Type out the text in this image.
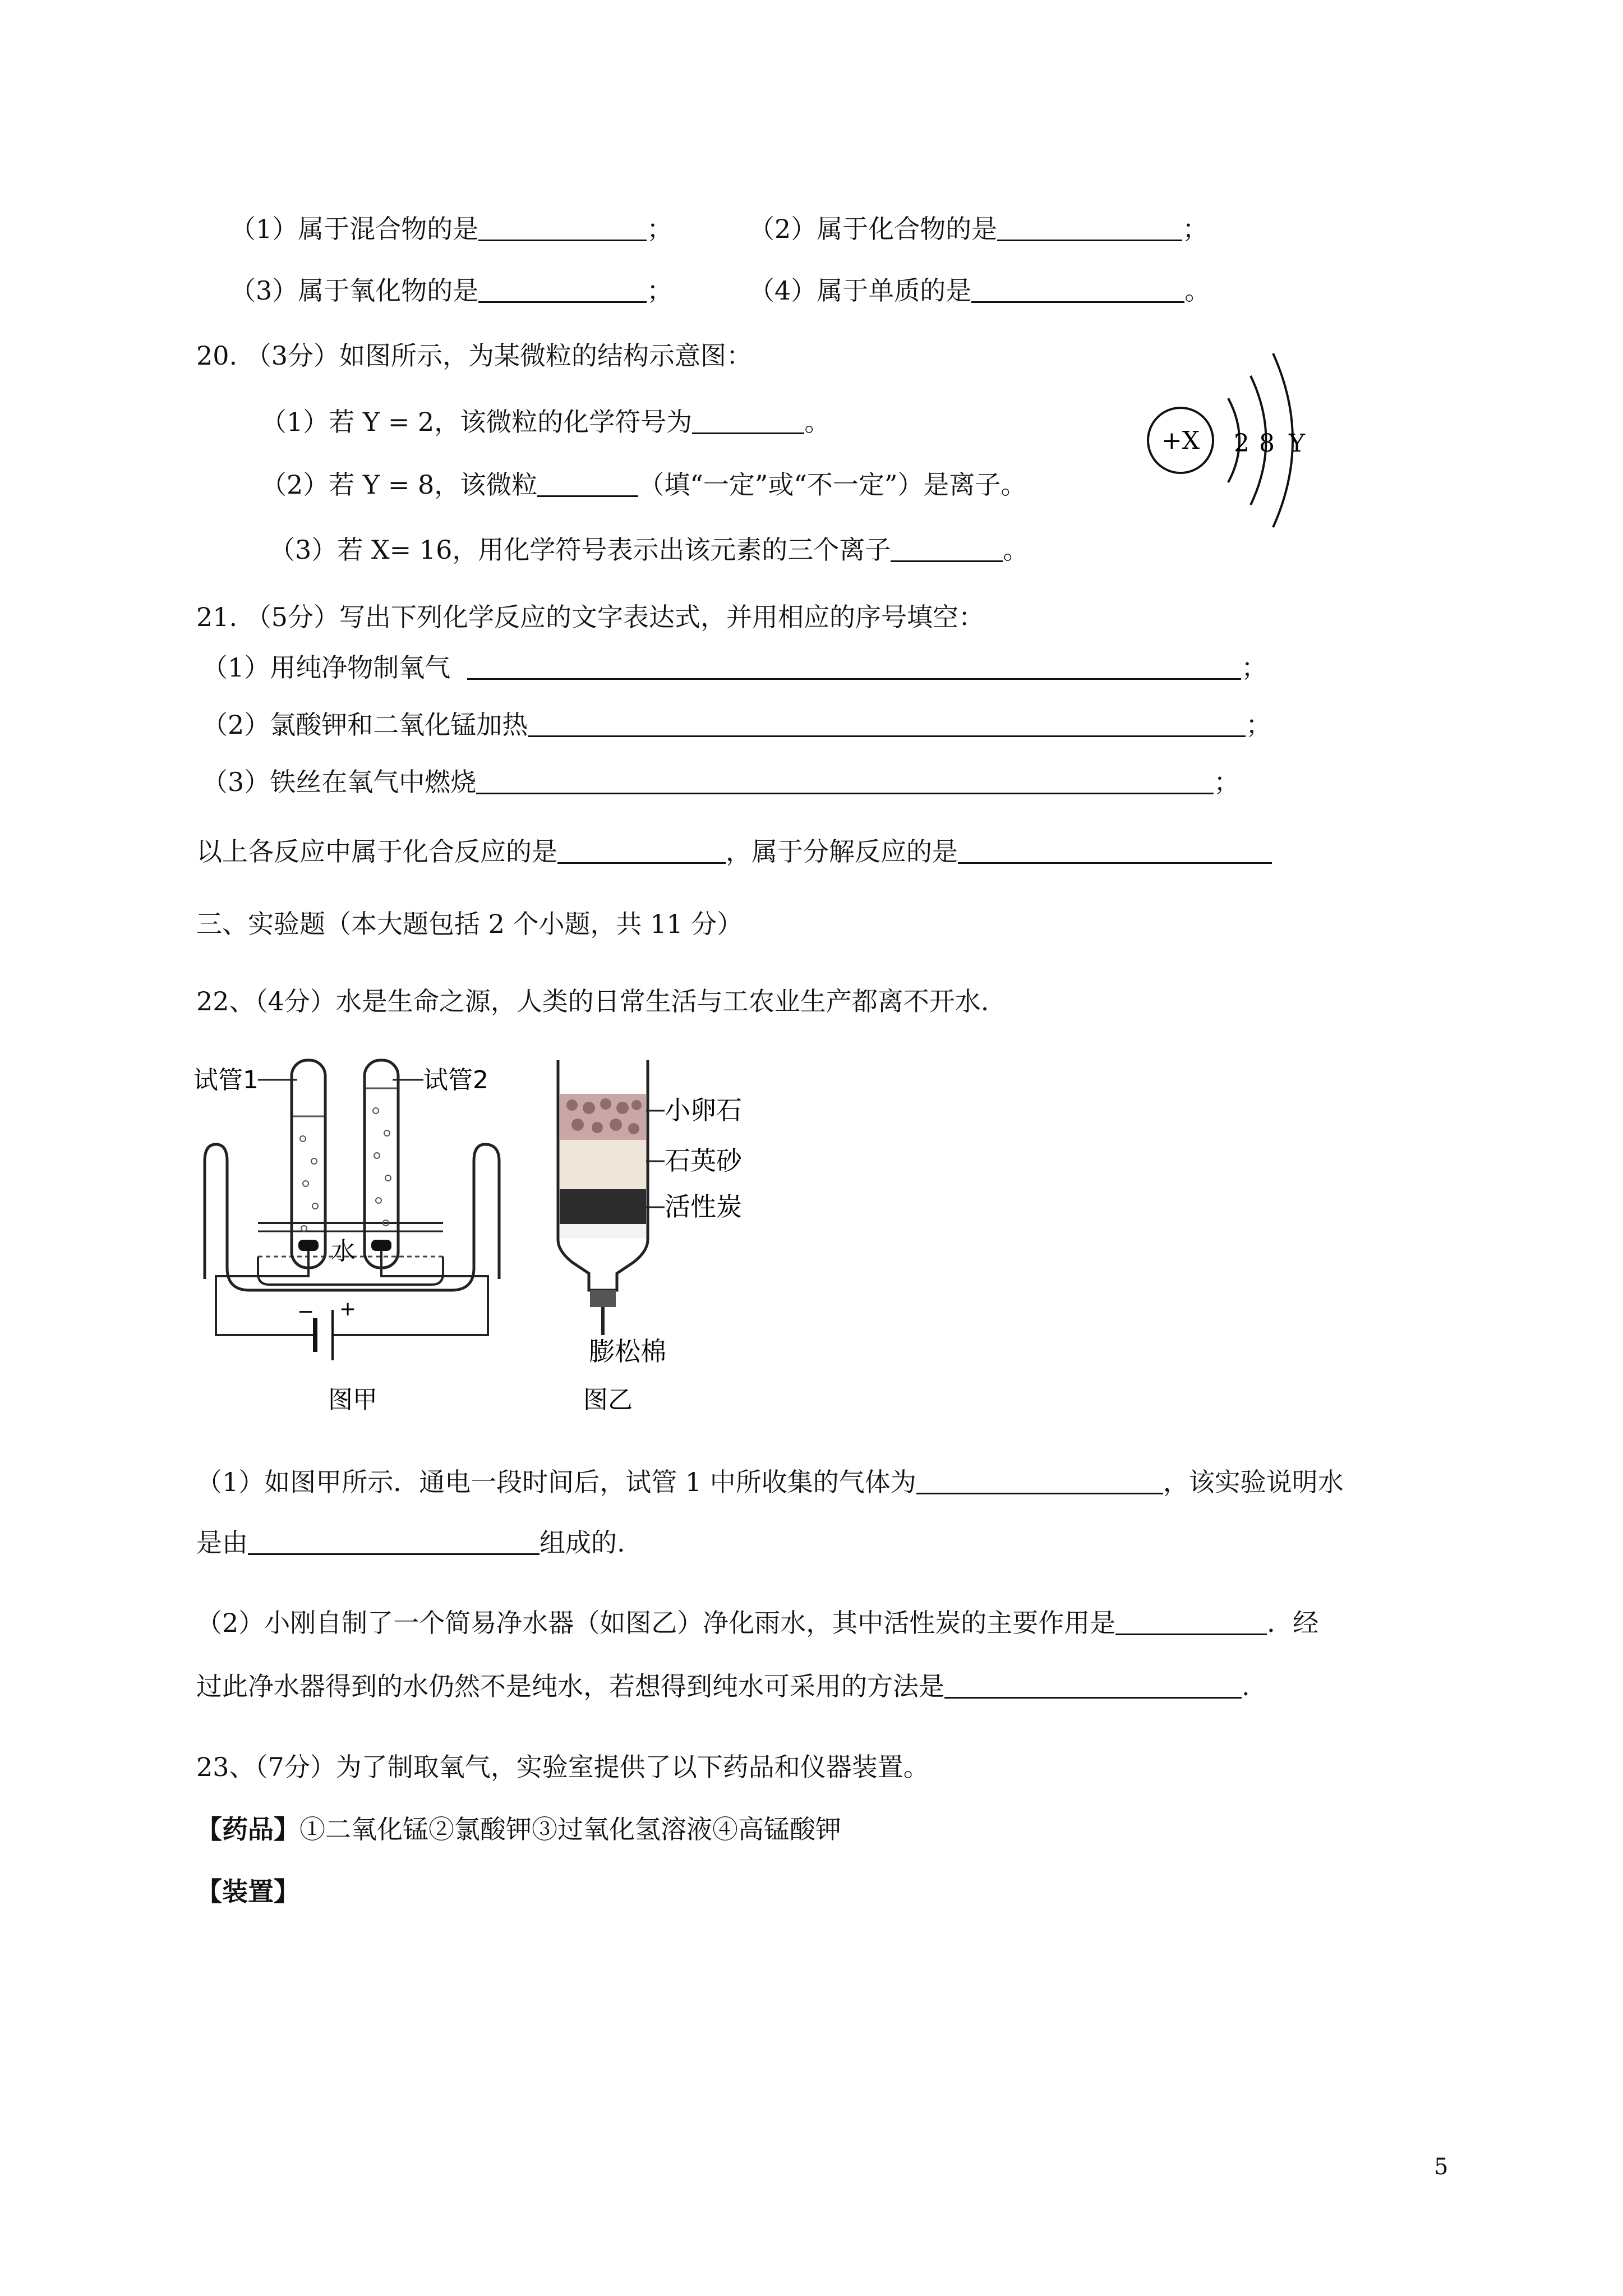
（1）属于混合物的是	；	（2）属于化合物的是	；
（3）属于氧化物的是	；	（4）属于单质的是	。
20. （3分）如图所示，为某微粒的结构示意图：
（1）若 Y = 2，该微粒的化学符号为	。
（2）若 Y = 8，该微粒	（填“一定”或“不一定”）是离子。
（3）若 X= 16，用化学符号表示出该元素的三个离子	。
+X 2 8 Y
21. （5分）写出下列化学反应的文字表达式，并用相应的序号填空：
（1）用纯净物制氧气	；
（2）氯酸钾和二氧化锰加热	；
（3）铁丝在氧气中燃烧	；
以上各反应中属于化合反应的是	，属于分解反应的是
三、实验题（本大题包括 2 个小题，共 11 分）
22、（4分）水是生命之源，人类的日常生活与工农业生产都离不开水.
− +
水
试管1	试管2
图甲
小卵石
石英砂
活性炭
膨松棉
图乙
（1）如图甲所示．通电一段时间后，试管 1 中所收集的气体为	，该实验说明水
是由	组成的.
（2）小刚自制了一个简易净水器（如图乙）净化雨水，其中活性炭的主要作用是	．经
过此净水器得到的水仍然不是纯水，若想得到纯水可采用的方法是	.
23、（7分）为了制取氧气，实验室提供了以下药品和仪器装置。
【药品】①二氧化锰②氯酸钾③过氧化氢溶液④高锰酸钾
【装置】
5
